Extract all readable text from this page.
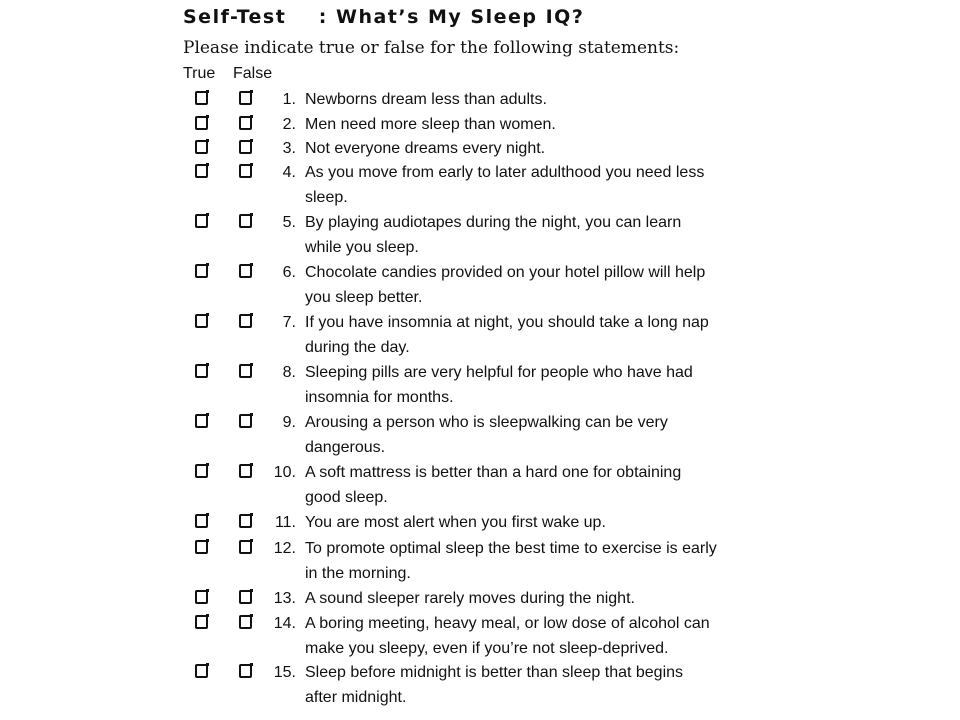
Self-Test    : What’s My Sleep IQ?
Please indicate true or false for the following statements:
True False
1. Newborns dream less than adults.
2. Men need more sleep than women.
3. Not everyone dreams every night.
4. As you move from early to later adulthood you need less
sleep.
5. By playing audiotapes during the night, you can learn
while you sleep.
6. Chocolate candies provided on your hotel pillow will help
you sleep better.
7. If you have insomnia at night, you should take a long nap
during the day.
8. Sleeping pills are very helpful for people who have had
insomnia for months.
9. Arousing a person who is sleepwalking can be very
dangerous.
10. A soft mattress is better than a hard one for obtaining
good sleep.
11. You are most alert when you first wake up.
12. To promote optimal sleep the best time to exercise is early
in the morning.
13. A sound sleeper rarely moves during the night.
14. A boring meeting, heavy meal, or low dose of alcohol can
make you sleepy, even if you’re not sleep-deprived.
15. Sleep before midnight is better than sleep that begins
after midnight.
